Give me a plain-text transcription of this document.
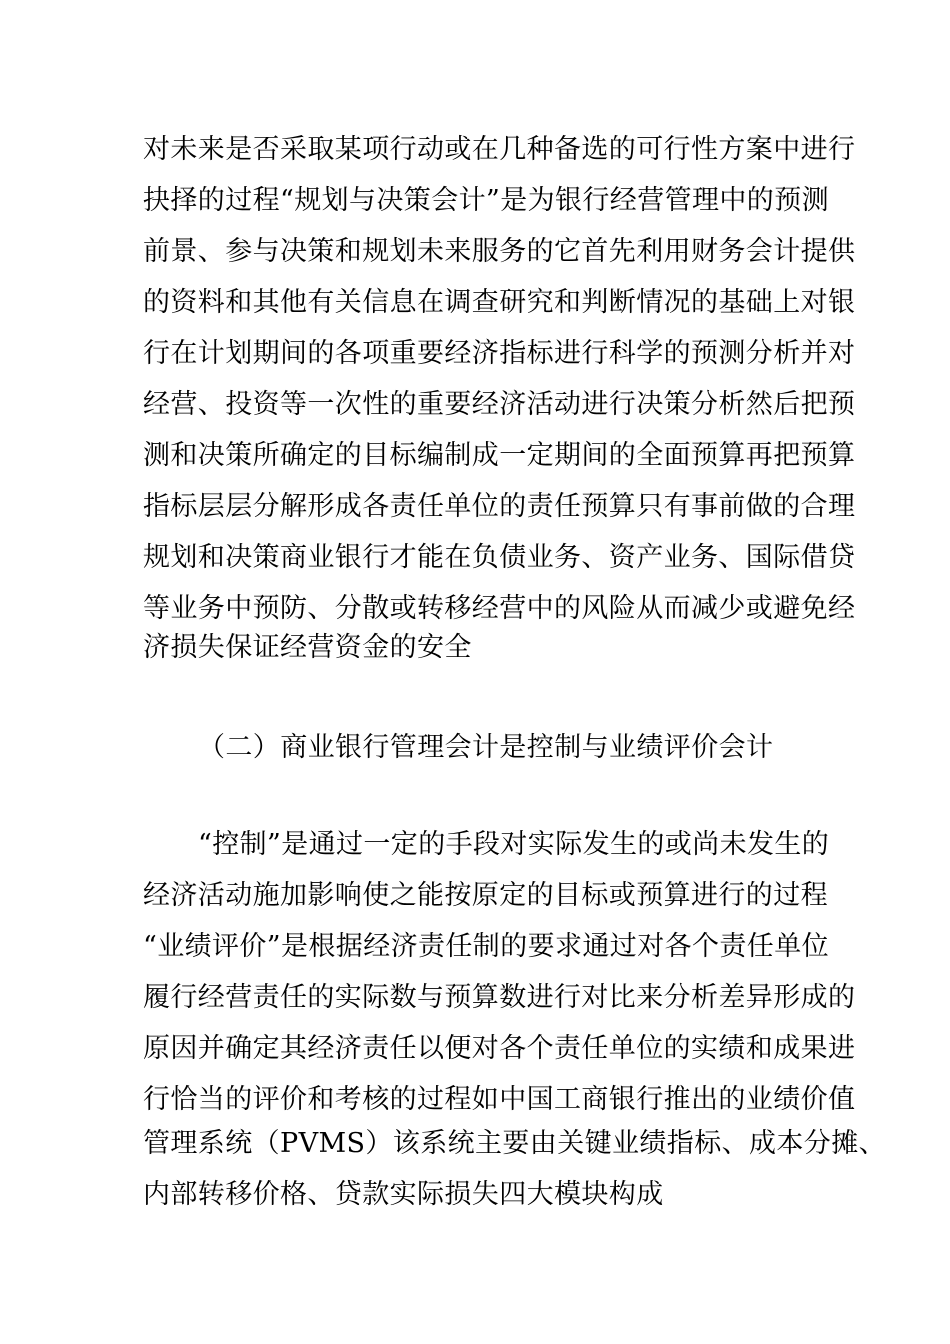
对未来是否采取某项行动或在几种备选的可行性方案中进行
抉择的过程“规划与决策会计”是为银行经营管理中的预测
前景、参与决策和规划未来服务的它首先利用财务会计提供
的资料和其他有关信息在调查研究和判断情况的基础上对银
行在计划期间的各项重要经济指标进行科学的预测分析并对
经营、投资等一次性的重要经济活动进行决策分析然后把预
测和决策所确定的目标编制成一定期间的全面预算再把预算
指标层层分解形成各责任单位的责任预算只有事前做的合理
规划和决策商业银行才能在负债业务、资产业务、国际借贷
等业务中预防、分散或转移经营中的风险从而减少或避免经
济损失保证经营资金的安全
（二）商业银行管理会计是控制与业绩评价会计
“控制”是通过一定的手段对实际发生的或尚未发生的
经济活动施加影响使之能按原定的目标或预算进行的过程
“业绩评价”是根据经济责任制的要求通过对各个责任单位
履行经营责任的实际数与预算数进行对比来分析差异形成的
原因并确定其经济责任以便对各个责任单位的实绩和成果进
行恰当的评价和考核的过程如中国工商银行推出的业绩价值
管理系统（PVMS）该系统主要由关键业绩指标、成本分摊、
内部转移价格、贷款实际损失四大模块构成
